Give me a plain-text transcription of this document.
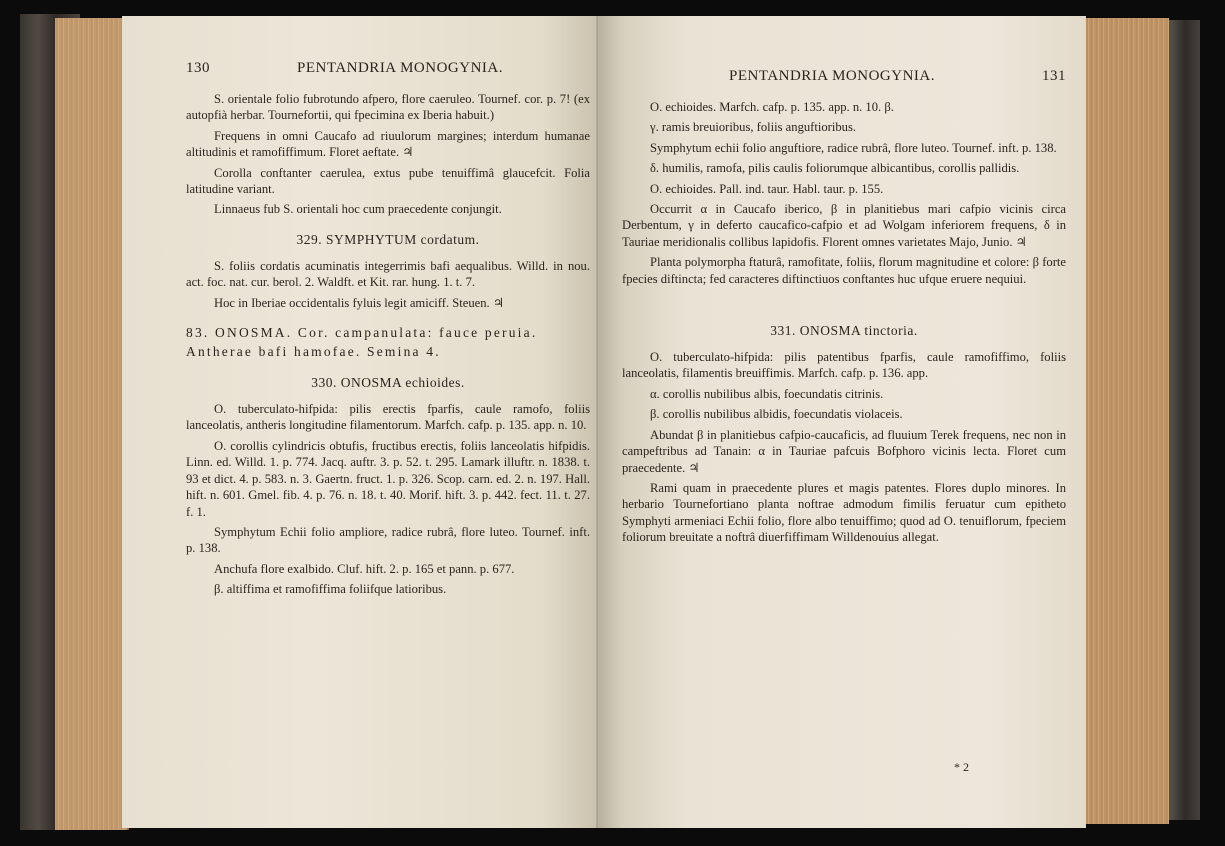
130	PENTANDRIA MONOGYNIA.

S. orientale folio fubrotundo afpero, flore caeruleo. Tournef. cor. p. 7! (ex autopfià herbar. Tournefortii, qui fpecimina ex Iberia habuit.)

Frequens in omni Caucafo ad riuulorum margines; interdum humanae altitudinis et ramofiffimum. Floret aeftate. ♃

Corolla conftanter caerulea, extus pube tenuiffimâ glaucefcit. Folia latitudine variant.

Linnaeus fub S. orientali hoc cum praecedente conjungit.

329. SYMPHYTUM cordatum.

S. foliis cordatis acuminatis integerrimis bafi aequalibus. Willd. in nou. act. foc. nat. cur. berol. 2. Waldft. et Kit. rar. hung. 1. t. 7.

Hoc in Iberiae occidentalis fyluis legit amiciff. Steuen. ♃

83. ONOSMA. Cor. campanulata: fauce peruia. Antherae bafi hamofae. Semina 4.
330. ONOSMA echioides.

O. tuberculato-hifpida: pilis erectis fparfis, caule ramofo, foliis lanceolatis, antheris longitudine filamentorum. Marfch. cafp. p. 135. app. n. 10.

O. corollis cylindricis obtufis, fructibus erectis, foliis lanceolatis hifpidis. Linn. ed. Willd. 1. p. 774. Jacq. auftr. 3. p. 52. t. 295. Lamark illuftr. n. 1838. t. 93 et dict. 4. p. 583. n. 3. Gaertn. fruct. 1. p. 326. Scop. carn. ed. 2. n. 197. Hall. hift. n. 601. Gmel. fib. 4. p. 76. n. 18. t. 40. Morif. hift. 3. p. 442. fect. 11. t. 27. f. 1.

Symphytum Echii folio ampliore, radice rubrâ, flore luteo. Tournef. inft. p. 138.

Anchufa flore exalbido. Cluf. hift. 2. p. 165 et pann. p. 677.

β. altiffima et ramofiffima foliifque latioribus.

PENTANDRIA MONOGYNIA.	131

O. echioides. Marfch. cafp. p. 135. app. n. 10. β.

γ. ramis breuioribus, foliis anguftioribus.

Symphytum echii folio anguftiore, radice rubrâ, flore luteo. Tournef. inft. p. 138.

δ. humilis, ramofa, pilis caulis foliorumque albicantibus, corollis pallidis.

O. echioides. Pall. ind. taur. Habl. taur. p. 155.

Occurrit α in Caucafo iberico, β in planitiebus mari cafpio vicinis circa Derbentum, γ in deferto caucafico-cafpio et ad Wolgam inferiorem frequens, δ in Tauriae meridionalis collibus lapidofis. Florent omnes varietates Majo, Junio. ♃

Planta polymorpha ftaturâ, ramofitate, foliis, florum magnitudine et colore: β forte fpecies diftincta; fed caracteres diftinctiuos conftantes huc ufque eruere nequiui.

331. ONOSMA tinctoria.

O. tuberculato-hifpida: pilis patentibus fparfis, caule ramofiffimo, foliis lanceolatis, filamentis breuiffimis. Marfch. cafp. p. 136. app.

α. corollis nubilibus albis, foecundatis citrinis.

β. corollis nubilibus albidis, foecundatis violaceis.

Abundat β in planitiebus cafpio-caucaficis, ad fluuium Terek frequens, nec non in campeftribus ad Tanain: α in Tauriae pafcuis Bofphoro vicinis lecta. Floret cum praecedente. ♃

Rami quam in praecedente plures et magis patentes. Flores duplo minores. In herbario Tournefortiano planta noftrae admodum fimilis feruatur cum epitheto Symphyti armeniaci Echii folio, flore albo tenuiffimo; quod ad O. tenuiflorum, fpeciem foliorum breuitate a noftrâ diuerfiffimam Willdenouius allegat.

* 2
